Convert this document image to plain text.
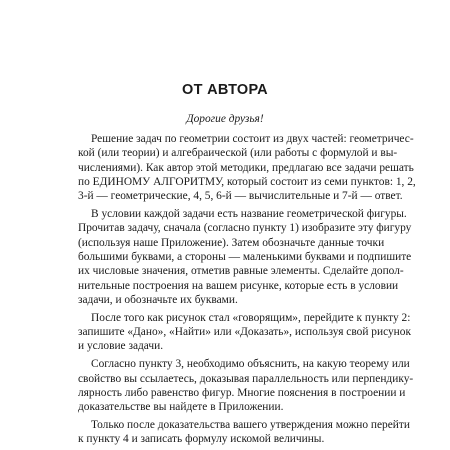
ОТ АВТОРА
Дорогие друзья!
Решение задач по геометрии состоит из двух частей: геометричес-
кой (или теории) и алгебраической (или работы с формулой и вы-
числениями). Как автор этой методики, предлагаю все задачи решать
по ЕДИНОМУ АЛГОРИТМУ, который состоит из семи пунктов: 1, 2,
3-й — геометрические, 4, 5, 6-й — вычислительные и 7-й — ответ.
В условии каждой задачи есть название геометрической фигуры.
Прочитав задачу, сначала (согласно пункту 1) изобразите эту фигуру
(используя наше Приложение). Затем обозначьте данные точки
большими буквами, а стороны — маленькими буквами и подпишите
их числовые значения, отметив равные элементы. Сделайте допол-
нительные построения на вашем рисунке, которые есть в условии
задачи, и обозначьте их буквами.
После того как рисунок стал «говорящим», перейдите к пункту 2:
запишите «Дано», «Найти» или «Доказать», используя свой рисунок
и условие задачи.
Согласно пункту 3, необходимо объяснить, на какую теорему или
свойство вы ссылаетесь, доказывая параллельность или перпендику-
лярность либо равенство фигур. Многие пояснения в построении и
доказательстве вы найдете в Приложении.
Только после доказательства вашего утверждения можно перейти
к пункту 4 и записать формулу искомой величины.
